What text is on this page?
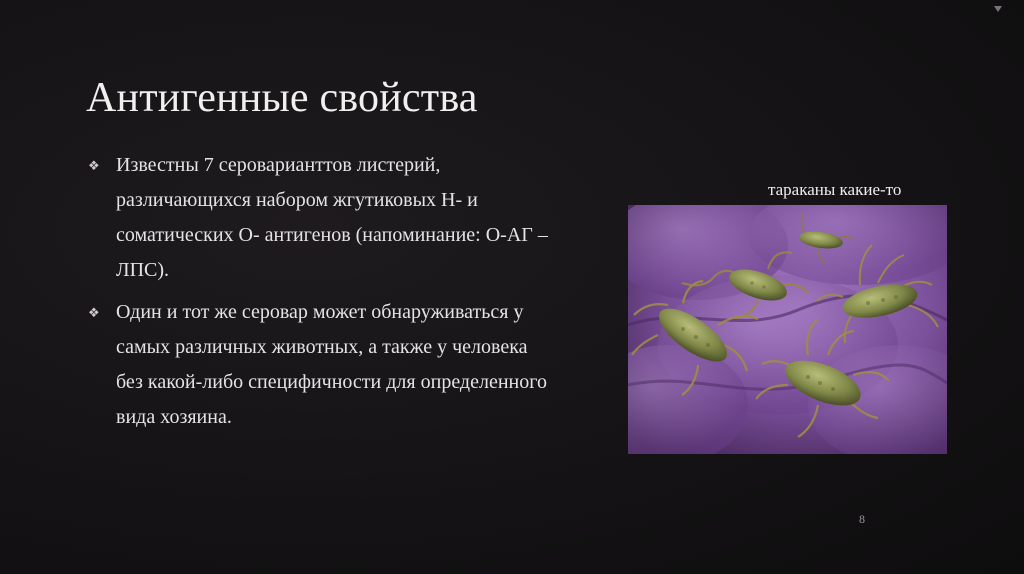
Антигенные свойства
❖ Известны 7 сероварианттов листерий, различающихся набором жгутиковых Н- и соматических О- антигенов (напоминание: О-АГ – ЛПС).
❖ Один и тот же серовар может обнаруживаться у самых различных животных, а также у человека без какой-либо специфичности для определенного вида хозяина.
тараканы какие-то
8
